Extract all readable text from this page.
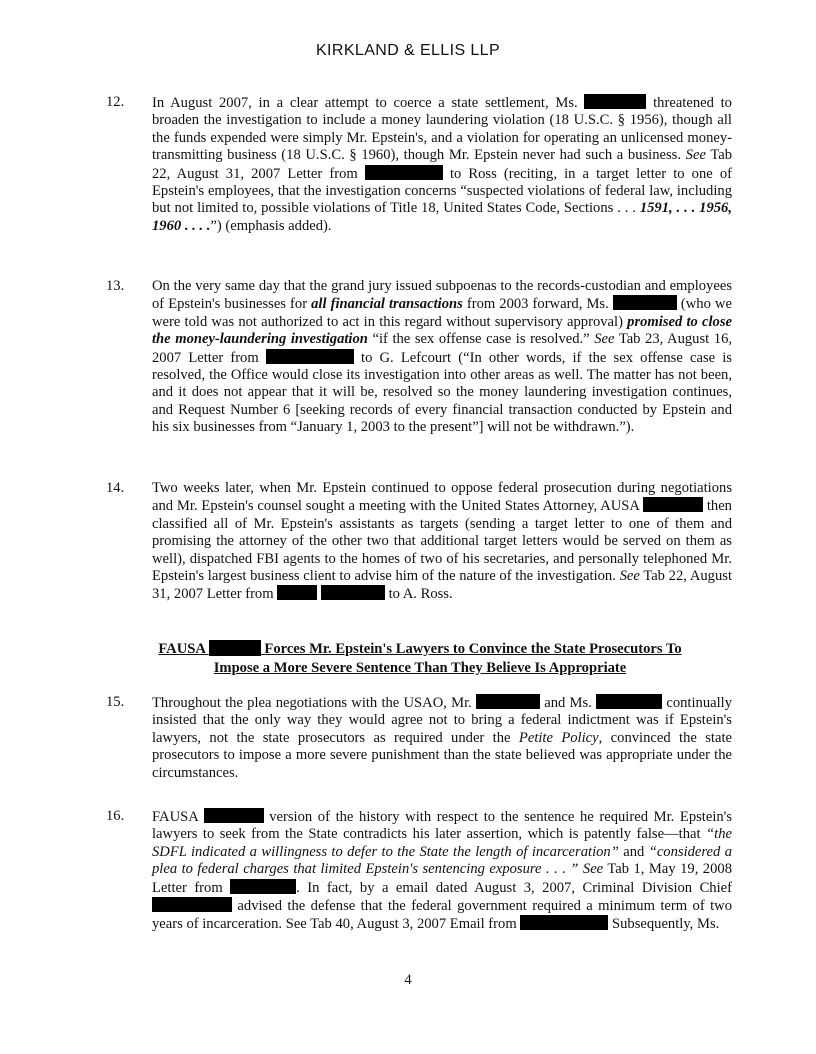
KIRKLAND & ELLIS LLP
12. In August 2007, in a clear attempt to coerce a state settlement, Ms.	threatened to broaden the investigation to include a money laundering violation (18 U.S.C. § 1956), though all the funds expended were simply Mr. Epstein's, and a violation for operating an unlicensed money-transmitting business (18 U.S.C. § 1960), though Mr. Epstein never had such a business. See Tab 22, August 31, 2007 Letter from	to Ross (reciting, in a target letter to one of Epstein's employees, that the investigation concerns “suspected violations of federal law, including but not limited to, possible violations of Title 18, United States Code, Sections . . . 1591, . . . 1956, 1960 . . . .”) (emphasis added).
13. On the very same day that the grand jury issued subpoenas to the records-custodian and employees of Epstein's businesses for all financial transactions from 2003 forward, Ms.	(who we were told was not authorized to act in this regard without supervisory approval) promised to close the money-laundering investigation “if the sex offense case is resolved.” See Tab 23, August 16, 2007 Letter from	to G. Lefcourt (“In other words, if the sex offense case is resolved, the Office would close its investigation into other areas as well. The matter has not been, and it does not appear that it will be, resolved so the money laundering investigation continues, and Request Number 6 [seeking records of every financial transaction conducted by Epstein and his six businesses from “January 1, 2003 to the present”] will not be withdrawn.”).
14. Two weeks later, when Mr. Epstein continued to oppose federal prosecution during negotiations and Mr. Epstein's counsel sought a meeting with the United States Attorney, AUSA	then classified all of Mr. Epstein's assistants as targets (sending a target letter to one of them and promising the attorney of the other two that additional target letters would be served on them as well), dispatched FBI agents to the homes of two of his secretaries, and personally telephoned Mr. Epstein's largest business client to advise him of the nature of the investigation. See Tab 22, August 31, 2007 Letter from	to A. Ross.
FAUSA	Forces Mr. Epstein's Lawyers to Convince the State Prosecutors To
Impose a More Severe Sentence Than They Believe Is Appropriate
15. Throughout the plea negotiations with the USAO, Mr.	and Ms.	continually insisted that the only way they would agree not to bring a federal indictment was if Epstein's lawyers, not the state prosecutors as required under the Petite Policy, convinced the state prosecutors to impose a more severe punishment than the state believed was appropriate under the circumstances.
16. FAUSA	version of the history with respect to the sentence he required Mr. Epstein's lawyers to seek from the State contradicts his later assertion, which is patently false—that “the SDFL indicated a willingness to defer to the State the length of incarceration” and “considered a plea to federal charges that limited Epstein's sentencing exposure . . . ” See Tab 1, May 19, 2008 Letter from	. In fact, by a email dated August 3, 2007, Criminal Division Chief  advised the defense that the federal government required a minimum term of two years of incarceration. See Tab 40, August 3, 2007 Email from	Subsequently, Ms.
4
